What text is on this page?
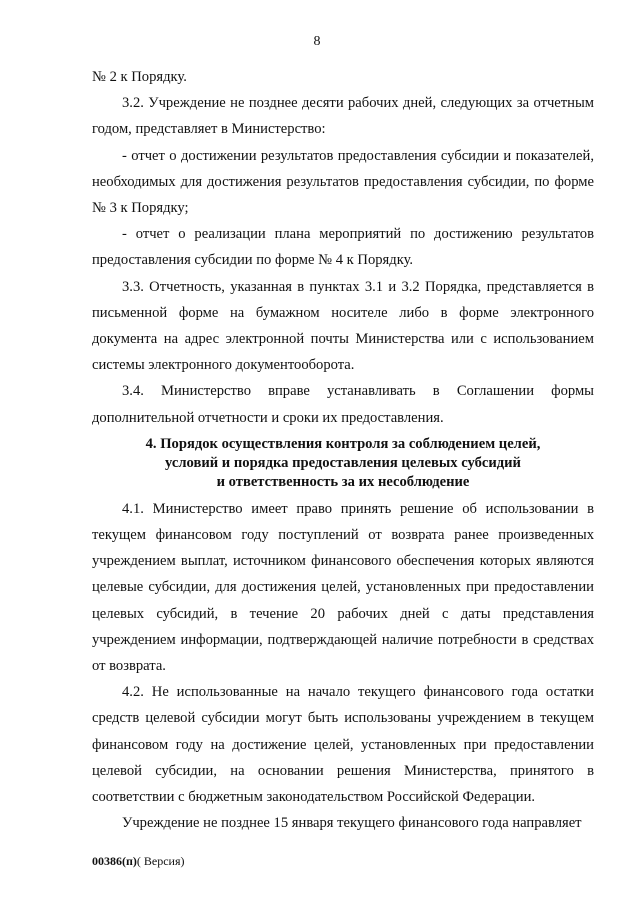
8

№ 2 к Порядку.

3.2. Учреждение не позднее десяти рабочих дней, следующих за отчетным годом, представляет в Министерство:

- отчет о достижении результатов предоставления субсидии и показателей, необходимых для достижения результатов предоставления субсидии, по форме № 3 к Порядку;

- отчет о реализации плана мероприятий по достижению результатов предоставления субсидии по форме № 4 к Порядку.

3.3. Отчетность, указанная в пунктах 3.1 и 3.2 Порядка, представляется в письменной форме на бумажном носителе либо в форме электронного документа на адрес электронной почты Министерства или с использованием системы электронного документооборота.

3.4. Министерство вправе устанавливать в Соглашении формы дополнительной отчетности и сроки их предоставления.

4. Порядок осуществления контроля за соблюдением целей,
условий и порядка предоставления целевых субсидий
и ответственность за их несоблюдение

4.1. Министерство имеет право принять решение об использовании в текущем финансовом году поступлений от возврата ранее произведенных учреждением выплат, источником финансового обеспечения которых являются целевые субсидии, для достижения целей, установленных при предоставлении целевых субсидий, в течение 20 рабочих дней с даты представления учреждением информации, подтверждающей наличие потребности в средствах от возврата.

4.2. Не использованные на начало текущего финансового года остатки средств целевой субсидии могут быть использованы учреждением в текущем финансовом году на достижение целей, установленных при предоставлении целевой субсидии, на основании решения Министерства, принятого в соответствии с бюджетным законодательством Российской Федерации.

Учреждение не позднее 15 января текущего финансового года направляет

00386(п)( Версия)
